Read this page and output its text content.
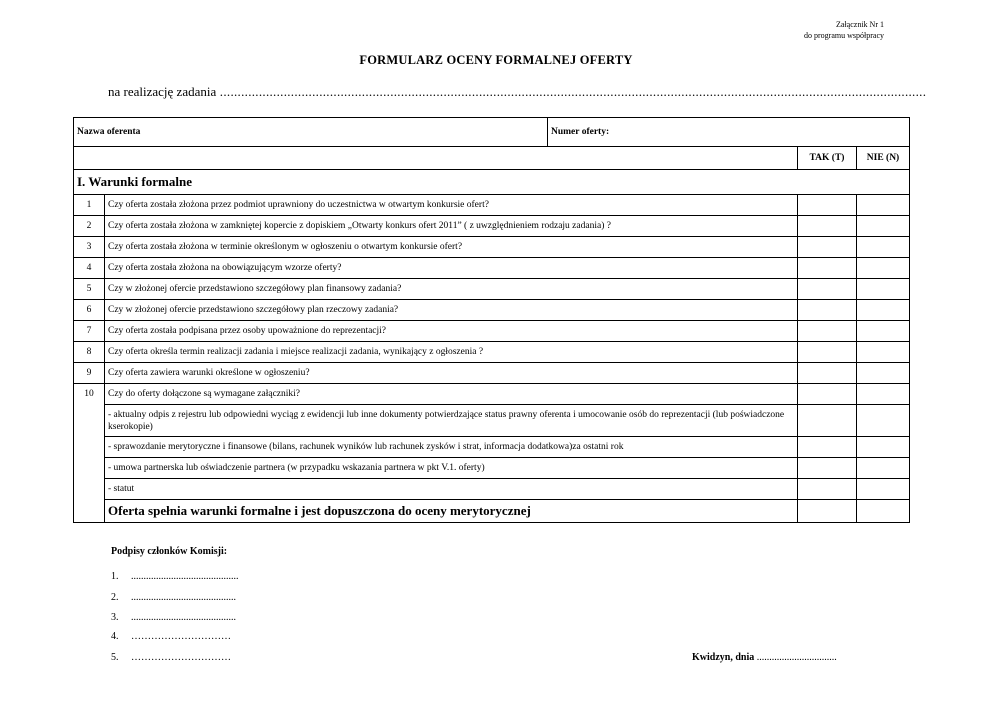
Załącznik Nr 1
do programu współpracy
FORMULARZ OCENY FORMALNEJ OFERTY
na realizację zadania .......................................................................................................................................................................................................
Nazwa oferenta		Numer oferty:		
			TAK (T)	NIE (N)
I. Warunki formalne				
1	Czy oferta została złożona przez podmiot uprawniony do uczestnictwa w otwartym konkursie ofert?			
2	Czy oferta została złożona w zamkniętej kopercie z dopiskiem „Otwarty konkurs ofert 2011” ( z uwzględnieniem rodzaju zadania) ?			
3	Czy oferta została złożona w terminie określonym w ogłoszeniu o otwartym konkursie ofert?			
4	Czy oferta została złożona na obowiązującym wzorze oferty?			
5	Czy w złożonej ofercie przedstawiono szczegółowy plan finansowy zadania?			
6	Czy w złożonej ofercie przedstawiono szczegółowy plan rzeczowy zadania?			
7	Czy oferta została podpisana przez osoby upoważnione do reprezentacji?			
8	Czy oferta określa termin realizacji zadania i miejsce realizacji zadania, wynikający z ogłoszenia ?			
9	Czy oferta zawiera warunki określone w ogłoszeniu?			
10	Czy do oferty dołączone są wymagane załączniki?			
	- aktualny odpis z rejestru lub odpowiedni wyciąg z ewidencji lub inne dokumenty potwierdzające status prawny oferenta i umocowanie osób do reprezentacji (lub poświadczone kserokopie)			
	- sprawozdanie merytoryczne i finansowe (bilans, rachunek wyników lub rachunek zysków i strat, informacja dodatkowa)za ostatni rok			
	- umowa partnerska lub oświadczenie partnera (w przypadku wskazania partnera w pkt V.1. oferty)			
	- statut			
	Oferta spełnia warunki formalne i jest dopuszczona do oceny merytorycznej			
Podpisy członków Komisji:
1. ...........................................
2. ..........................................
3. ..........................................
4. …………………………
5. …………………………	Kwidzyn, dnia ................................
